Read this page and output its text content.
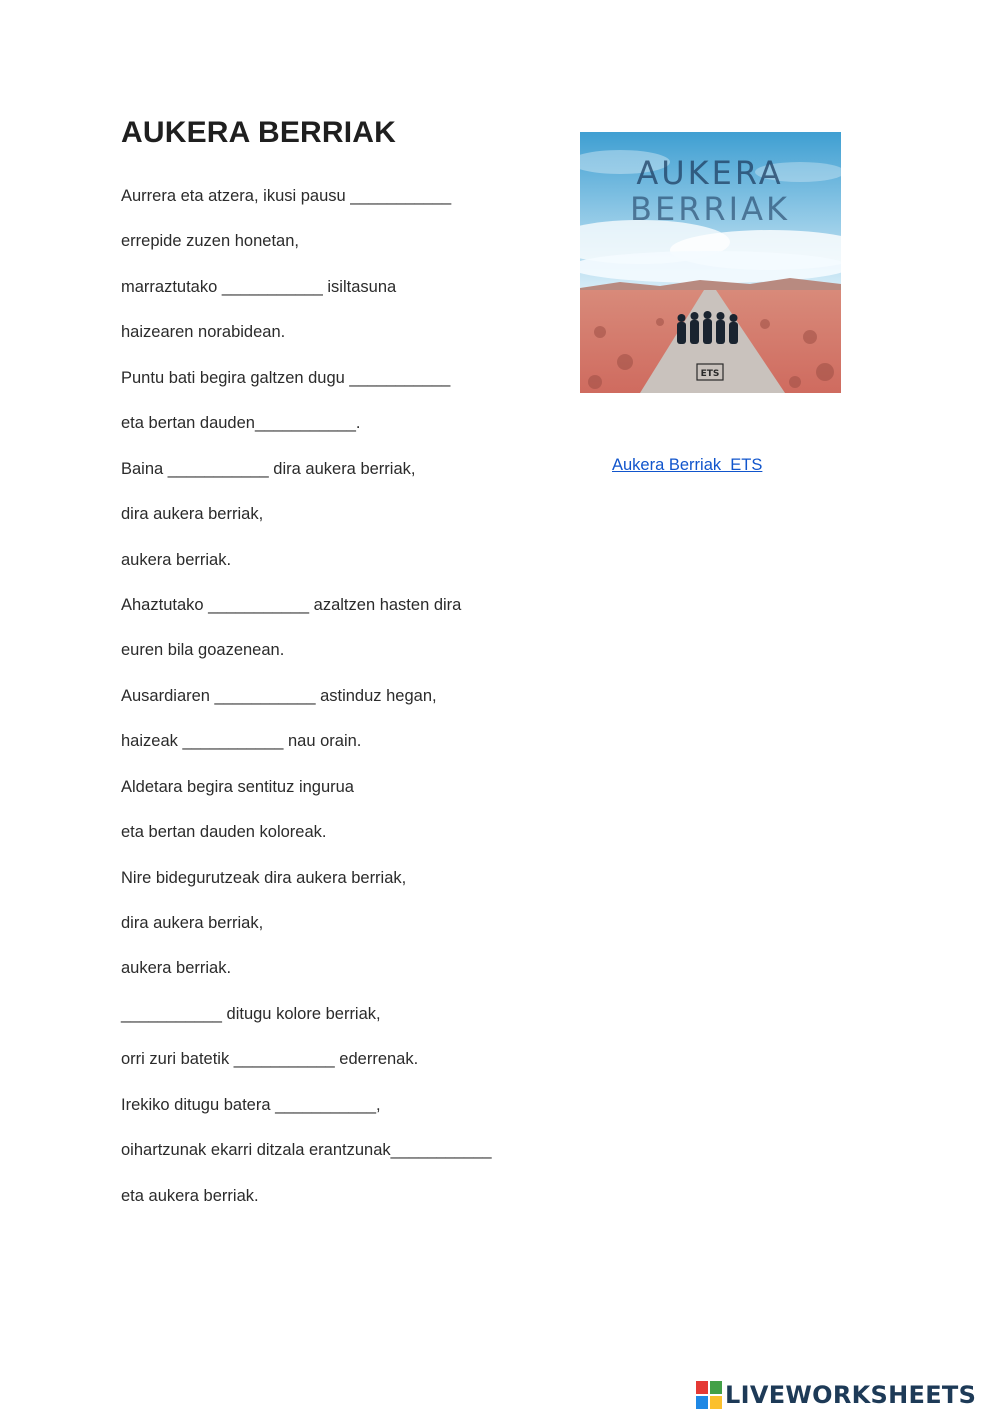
AUKERA BERRIAK
Aurrera eta atzera, ikusi pausu ___________
errepide zuzen honetan,
marraztutako ___________ isiltasuna
haizearen norabidean.
Puntu bati begira galtzen dugu ___________
eta bertan dauden___________.
Baina ___________ dira aukera berriak,
dira aukera berriak,
aukera berriak.
Ahaztutako ___________ azaltzen hasten dira
euren bila goazenean.
Ausardiaren ___________ astinduz hegan,
haizeak ___________ nau orain.
Aldetara begira sentituz ingurua
eta bertan dauden koloreak.
Nire bidegurutzeak dira aukera berriak,
dira aukera berriak,
aukera berriak.
___________ ditugu kolore berriak,
orri zuri batetik ___________ ederrenak.
Irekiko ditugu batera ___________,
oihartzunak ekarri ditzala erantzunak___________
eta aukera berriak.
AUKERA
BERRIAK
ETS
Aukera Berriak  ETS
LIVEWORKSHEETS
